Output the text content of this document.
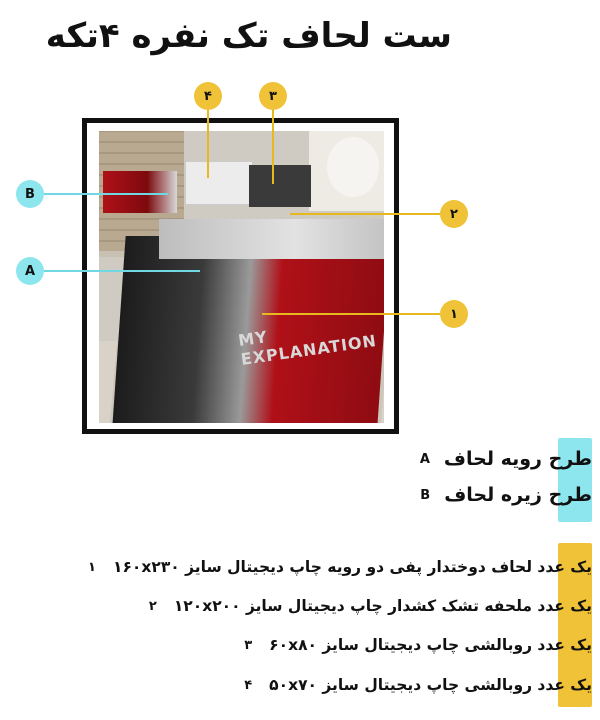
ست لحاف تک نفره ۴تکه
MY EXPLANATION
۴	۳
۲
۱
B
A
A طرح رویه لحاف
B طرح زیره لحاف
۱	یک عدد لحاف دوختدار پفی دو رویه چاپ دیجیتال سایز ۱۶۰x۲۳۰
۲	یک عدد ملحفه تشک کشدار چاپ دیجیتال سایز ۱۲۰x۲۰۰
۳	یک عدد روبالشی چاپ دیجیتال سایز ۶۰x۸۰
۴	یک عدد روبالشی چاپ دیجیتال سایز ۵۰x۷۰
